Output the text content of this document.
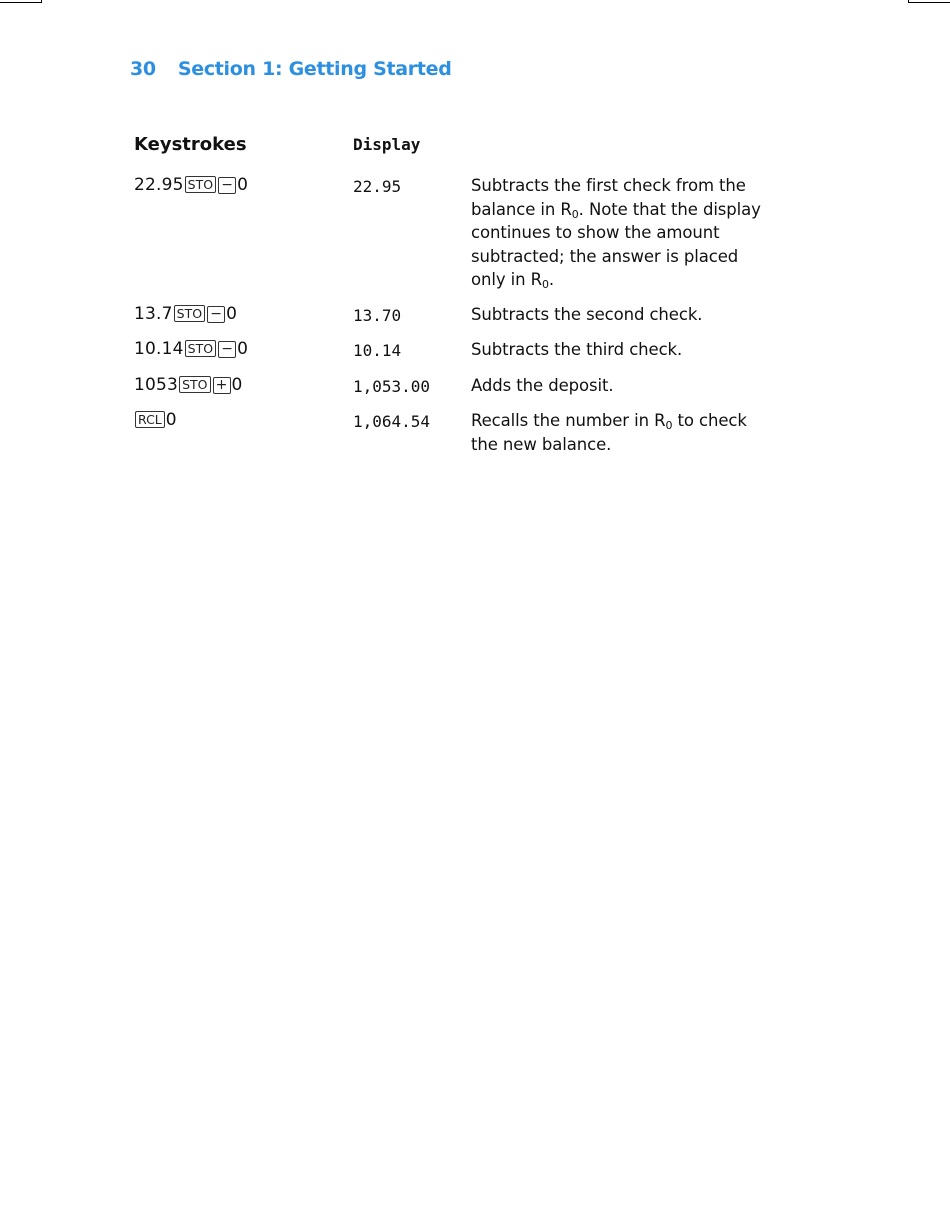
30 Section 1: Getting Started
Keystrokes	Display
22.95 STO − 0	22.95	Subtracts the first check from the balance in $R_0$. Note that the display continues to show the amount subtracted; the answer is placed only in $R_0$.
13.7 STO − 0	13.70	Subtracts the second check.
10.14 STO − 0	10.14	Subtracts the third check.
1053 STO + 0	1,053.00	Adds the deposit.
RCL 0	1,064.54	Recalls the number in $R_0$ to check the new balance.
